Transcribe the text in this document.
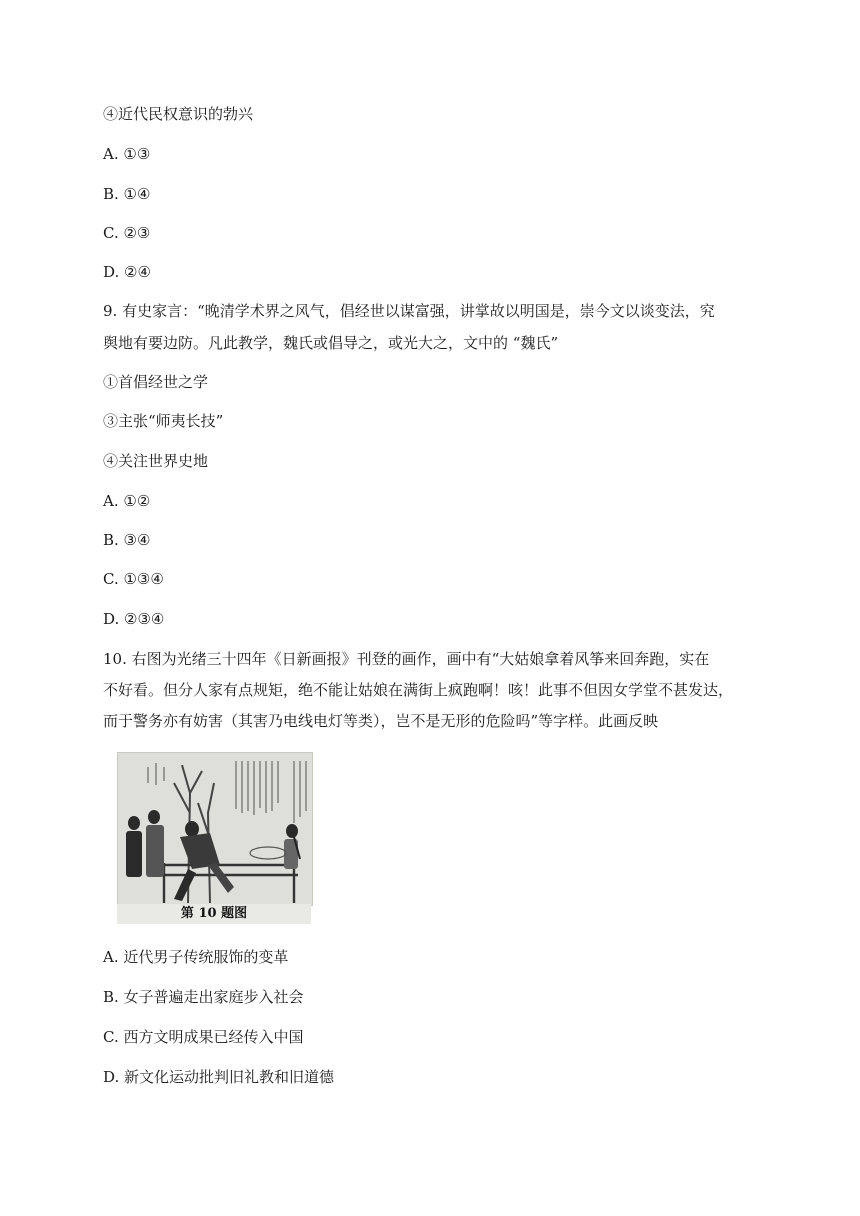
④近代民权意识的勃兴
A. ①③
B. ①④
C. ②③
D. ②④
9. 有史家言：“晚清学术界之风气，倡经世以谋富强，讲掌故以明国是，崇今文以谈变法，究
舆地有要边防。凡此教学，魏氏或倡导之，或光大之，文中的 “魏氏”
①首倡经世之学
③主张“师夷长技”
④关注世界史地
A. ①②
B. ③④
C. ①③④
D. ②③④
10. 右图为光绪三十四年《日新画报》刊登的画作，画中有“大姑娘拿着风筝来回奔跑，实在
不好看。但分人家有点规矩，绝不能让姑娘在满街上疯跑啊！咳！此事不但因女学堂不甚发达，
而于警务亦有妨害（其害乃电线电灯等类），岂不是无形的危险吗”等字样。此画反映
第 10 题图
A. 近代男子传统服饰的变革
B. 女子普遍走出家庭步入社会
C. 西方文明成果已经传入中国
D. 新文化运动批判旧礼教和旧道德
